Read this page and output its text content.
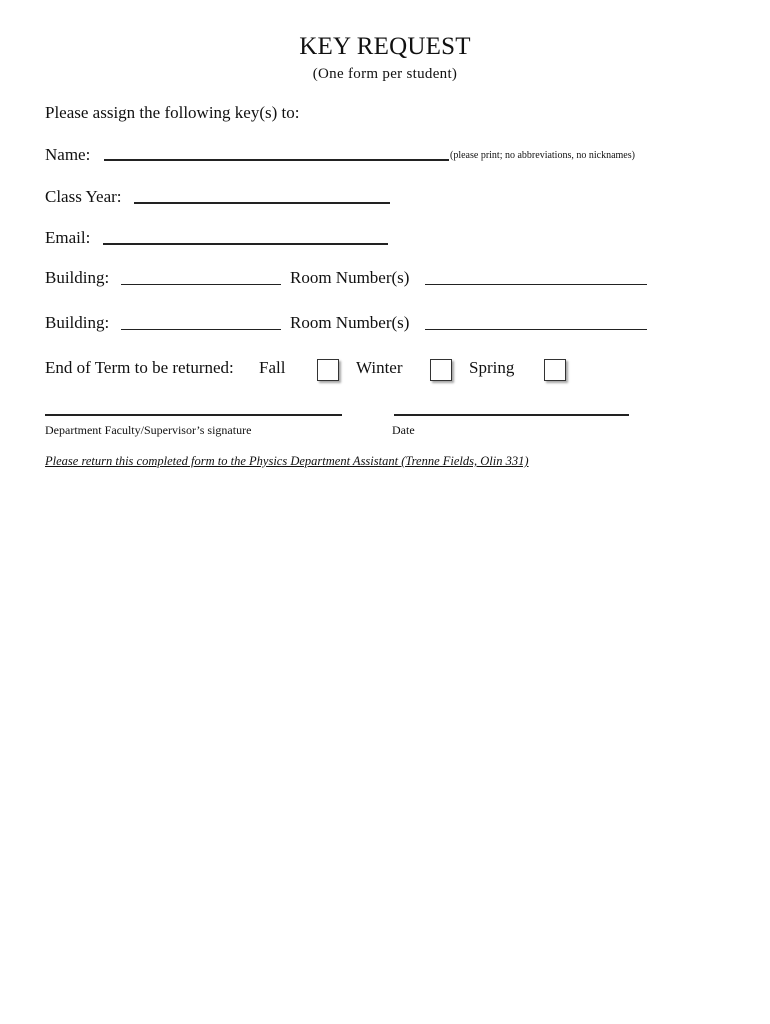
KEY REQUEST
(One form per student)
Please assign the following key(s) to:
Name:	(please print; no abbreviations, no nicknames)
Class Year:
Email:
Building:	Room Number(s)
Building:	Room Number(s)
End of Term to be returned: Fall	Winter	Spring
Department Faculty/Supervisor’s signature	Date
Please return this completed form to the Physics Department Assistant (Trenne Fields, Olin 331)
